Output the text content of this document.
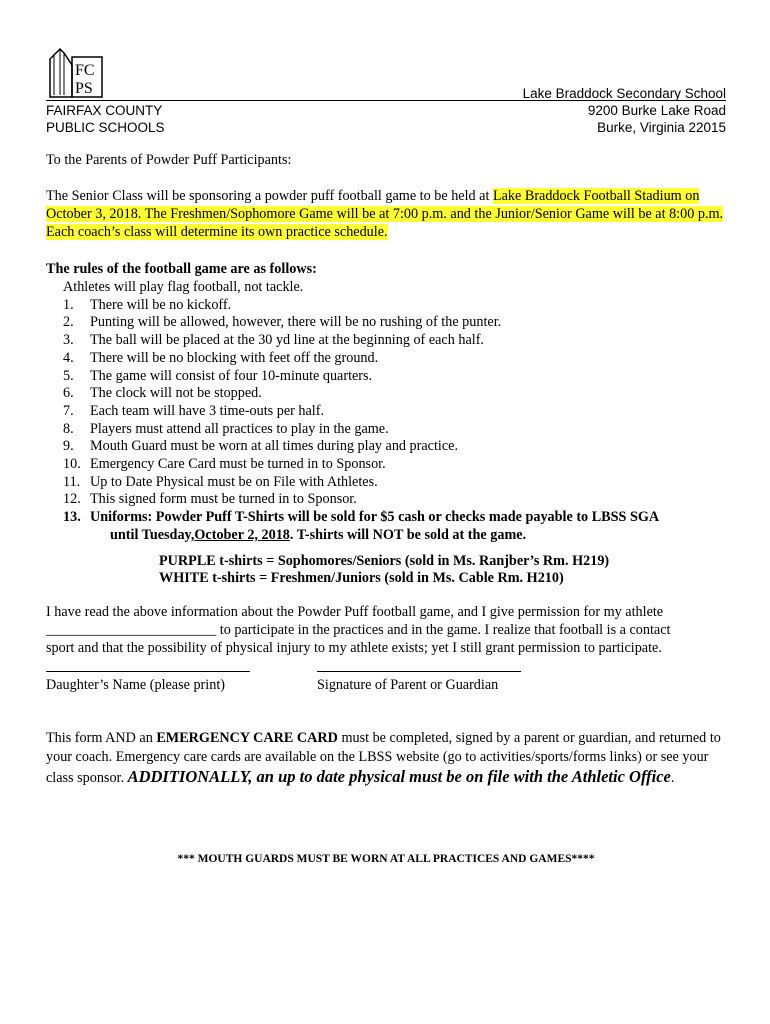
FC
PS
FAIRFAX COUNTY
PUBLIC SCHOOLS
Lake Braddock Secondary School
9200 Burke Lake Road
Burke, Virginia 22015
To the Parents of Powder Puff Participants:
The Senior Class will be sponsoring a powder puff football game to be held at Lake Braddock Football Stadium on October 3, 2018. The Freshmen/Sophomore Game will be at 7:00 p.m. and the Junior/Senior Game will be at 8:00 p.m. Each coach’s class will determine its own practice schedule.
The rules of the football game are as follows:
Athletes will play flag football, not tackle.
1.	There will be no kickoff.
2.	Punting will be allowed, however, there will be no rushing of the punter.
3.	The ball will be placed at the 30 yd line at the beginning of each half.
4.	There will be no blocking with feet off the ground.
5.	The game will consist of four 10-minute quarters.
6.	The clock will not be stopped.
7.	Each team will have 3 time-outs per half.
8.	Players must attend all practices to play in the game.
9.	Mouth Guard must be worn at all times during play and practice.
10. Emergency Care Card must be turned in to Sponsor.
11. Up to Date Physical must be on File with Athletes.
12. This signed form must be turned in to Sponsor.
13. Uniforms: Powder Puff T-Shirts will be sold for $5 cash or checks made payable to LBSS SGA
until Tuesday,October 2, 2018. T-shirts will NOT be sold at the game.
PURPLE t-shirts = Sophomores/Seniors (sold in Ms. Ranjber’s Rm. H219)
WHITE t-shirts = Freshmen/Juniors (sold in Ms. Cable Rm. H210)
I have read the above information about the Powder Puff football game, and I give permission for my athlete
________________________ to participate in the practices and in the game. I realize that football is a contact
sport and that the possibility of physical injury to my athlete exists; yet I still grant permission to participate.
Daughter’s Name (please print)	Signature of Parent or Guardian
This form AND an EMERGENCY CARE CARD must be completed, signed by a parent or guardian, and returned to your coach. Emergency care cards are available on the LBSS website (go to activities/sports/forms links) or see your class sponsor. ADDITIONALLY, an up to date physical must be on file with the Athletic Office.
*** MOUTH GUARDS MUST BE WORN AT ALL PRACTICES AND GAMES****
